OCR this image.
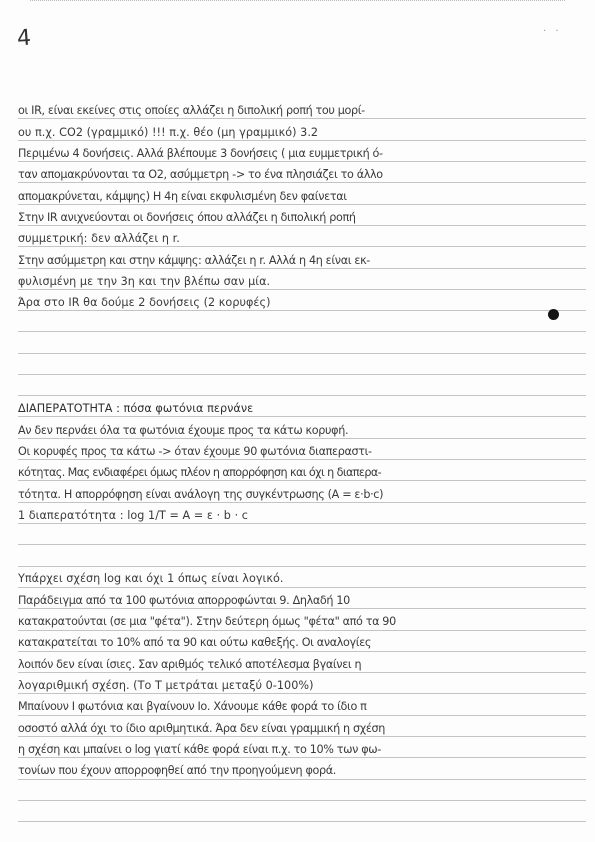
4	· ·
οι IR, είναι εκείνες στις οποίες αλλάζει η διπολική ροπή του μορί-
ου π.χ. CO2 (γραμμικό) !!! π.χ. θέο (μη γραμμικό) 3.2
Περιμένω 4 δονήσεις. Αλλά βλέπουμε 3 δονήσεις ( μια ευμμετρική ό-
ταν απομακρύνονται τα Ο2, ασύμμετρη -> το ένα πλησιάζει το άλλο
απομακρύνεται, κάμψης) Η 4η είναι εκφυλισμένη δεν φαίνεται
Στην IR ανιχνεύονται οι δονήσεις όπου αλλάζει η διπολική ροπή
συμμετρική: δεν αλλάζει η r.
Στην ασύμμετρη και στην κάμψης: αλλάζει η r. Αλλά η 4η είναι εκ-
φυλισμένη με την 3η και την βλέπω σαν μία.
Άρα στο IR θα δούμε 2 δονήσεις (2 κορυφές)
ΔΙΑΠΕΡΑΤΟΤΗΤΑ : πόσα φωτόνια περνάνε
Αν δεν περνάει όλα τα φωτόνια έχουμε προς τα κάτω κορυφή.
Οι κορυφές προς τα κάτω -> όταν έχουμε 90 φωτόνια διαπεραστι-
κότητας. Μας ενδιαφέρει όμως πλέον η απορρόφηση και όχι η διαπερα-
τότητα. Η απορρόφηση είναι ανάλογη της συγκέντρωσης (A = ε·b·c)
1 διαπερατότητα : log 1/T = A = ε · b · c
Υπάρχει σχέση log και όχι 1 όπως είναι λογικό.
Παράδειγμα από τα 100 φωτόνια απορροφώνται 9. Δηλαδή 10
κατακρατούνται (σε μια "φέτα"). Στην δεύτερη όμως "φέτα" από τα 90
κατακρατείται το 10% από τα 90 και ούτω καθεξής. Οι αναλογίες
λοιπόν δεν είναι ίσιες. Σαν αριθμός τελικό αποτέλεσμα βγαίνει η
λογαριθμική σχέση. (Το Τ μετράται μεταξύ 0-100%)
Μπαίνουν Ι φωτόνια και βγαίνουν Ιο. Χάνουμε κάθε φορά το ίδιο π
οσοστό αλλά όχι το ίδιο αριθμητικά. Άρα δεν είναι γραμμική η σχέση
η σχέση και μπαίνει ο log γιατί κάθε φορά είναι π.χ. το 10% των φω-
τονίων που έχουν απορροφηθεί από την προηγούμενη φορά.
